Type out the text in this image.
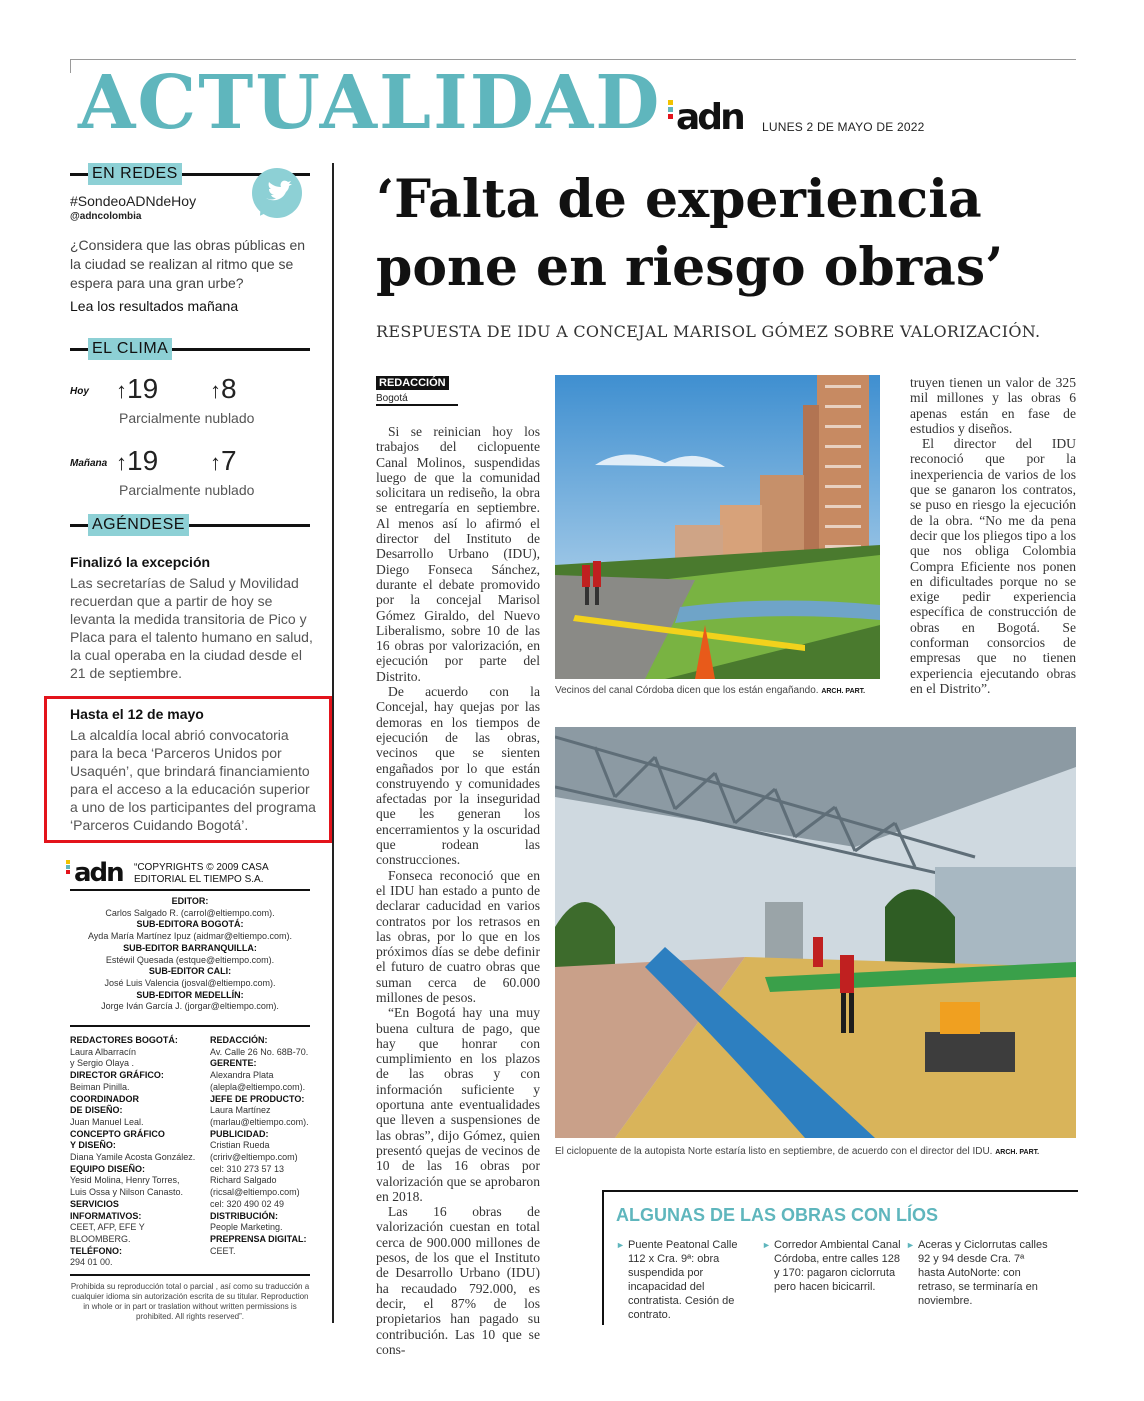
ACTUALIDAD adn LUNES 2 DE MAYO DE 2022
EN REDES
#SondeoADNdeHoy
@adncolombia
¿Considera que las obras públicas en la ciudad se realizan al ritmo que se espera para una gran urbe?
Lea los resultados mañana
EL CLIMA
Hoy ↑19 ↑8
Parcialmente nublado
Mañana ↑19 ↑7
Parcialmente nublado
AGÉNDESE
Finalizó la excepción
Las secretarías de Salud y Movilidad recuerdan que a partir de hoy se levanta la medida transitoria de Pico y Placa para el talento humano en salud, la cual operaba en la ciudad desde el 21 de septiembre.
Hasta el 12 de mayo
La alcaldía local abrió convocatoria para la beca ‘Parceros Unidos por Usaquén’, que brindará financiamiento para el acceso a la educación superior a uno de los participantes del programa ‘Parceros Cuidando Bogotá’.
adn “COPYRIGHTS © 2009 CASA
EDITORIAL EL TIEMPO S.A.
EDITOR:
Carlos Salgado R. (carrol@eltiempo.com).
SUB-EDITORA BOGOTÁ:
Ayda María Martínez Ipuz (aidmar@eltiempo.com).
SUB-EDITOR BARRANQUILLA:
Estéwil Quesada (estque@eltiempo.com).
SUB-EDITOR CALI:
José Luis Valencia (josval@eltiempo.com).
SUB-EDITOR MEDELLÍN:
Jorge Iván García J. (jorgar@eltiempo.com).
REDACTORES BOGOTÁ:
Laura Albarracín
y Sergio Olaya .
DIRECTOR GRÁFICO:
Beiman Pinilla.
COORDINADOR
DE DISEÑO:
Juan Manuel Leal.
CONCEPTO GRÁFICO
Y DISEÑO:
Diana Yamile Acosta González.
EQUIPO DISEÑO:
Yesid Molina, Henry Torres,
Luis Ossa y Nilson Canasto.
SERVICIOS
INFORMATIVOS:
CEET, AFP, EFE Y BLOOMBERG.
TELÉFONO:
294 01 00.
REDACCIÓN:
Av. Calle 26 No. 68B-70.
GERENTE:
Alexandra Plata
(alepla@eltiempo.com).
JEFE DE PRODUCTO:
Laura Martínez
(marlau@eltiempo.com).
PUBLICIDAD:
Cristian Rueda
(cririv@eltiempo.com)
cel: 310 273 57 13
Richard Salgado
(ricsal@eltiempo.com)
cel: 320 490 02 49
DISTRIBUCIÓN:
People Marketing.
PREPRENSA DIGITAL:
CEET.
Prohibida su reproducción total o parcial , así como su traducción a cualquier idioma sin autorización escrita de su titular. Reproduction in whole or in part or traslation without written permissions is prohibited. All rights reserved”.
‘Falta de experiencia
pone en riesgo obras’
RESPUESTA DE IDU A CONCEJAL MARISOL GÓMEZ SOBRE VALORIZACIÓN.
REDACCIÓN
Bogotá

Si se reinician hoy los trabajos del ciclopuente Canal Molinos, suspendidas luego de que la comunidad solicitara un rediseño, la obra se entregaría en septiembre. Al menos así lo afirmó el director del Instituto de Desarrollo Urbano (IDU), Diego Fonseca Sánchez, durante el debate promovido por la concejal Marisol Gómez Giraldo, del Nuevo Liberalismo, sobre 10 de las 16 obras por valorización, en ejecución por parte del Distrito.

De acuerdo con la Concejal, hay quejas por las demoras en los tiempos de ejecución de las obras, vecinos que se sienten engañados por lo que están construyendo y comunidades afectadas por la inseguridad que les generan los encerramientos y la oscuridad que rodean las construcciones.

Fonseca reconoció que en el IDU han estado a punto de declarar caducidad en varios contratos por los retrasos en las obras, por lo que en los próximos días se debe definir el futuro de cuatro obras que suman cerca de 60.000 millones de pesos.

“En Bogotá hay una muy buena cultura de pago, que hay que honrar con cumplimiento en los plazos de las obras y con información suficiente y oportuna ante eventualidades que lleven a suspensiones de las obras”, dijo Gómez, quien presentó quejas de vecinos de 10 de las 16 obras por valorización que se aprobaron en 2018.

Las 16 obras de valorización cuestan en total cerca de 900.000 millones de pesos, de los que el Instituto de Desarrollo Urbano (IDU) ha recaudado 792.000, es decir, el 87% de los propietarios han pagado su contribución. Las 10 que se cons-

Vecinos del canal Córdoba dicen que los están engañando. ARCH. PART.

truyen tienen un valor de 325 mil millones y las obras 6 apenas están en fase de estudios y diseños.

El director del IDU reconoció que por la inexperiencia de varios de los que se ganaron los contratos, se puso en riesgo la ejecución de la obra. “No me da pena decir que los pliegos tipo a los que nos obliga Colombia Compra Eficiente nos ponen en dificultades porque no se exige pedir experiencia específica de construcción de obras en Bogotá. Se conforman consorcios de empresas que no tienen experiencia ejecutando obras en el Distrito”.

El ciclopuente de la autopista Norte estaría listo en septiembre, de acuerdo con el director del IDU. ARCH. PART.
ALGUNAS DE LAS OBRAS CON LÍOS
► Puente Peatonal Calle 112 x Cra. 9ª: obra suspendida por incapacidad del contratista. Cesión de contrato.
► Corredor Ambiental Canal Córdoba, entre calles 128 y 170: pagaron ciclorruta pero hacen bicicarril.
► Aceras y Ciclorrutas calles 92 y 94 desde Cra. 7ª hasta AutoNorte: con retraso, se terminaría en noviembre.
